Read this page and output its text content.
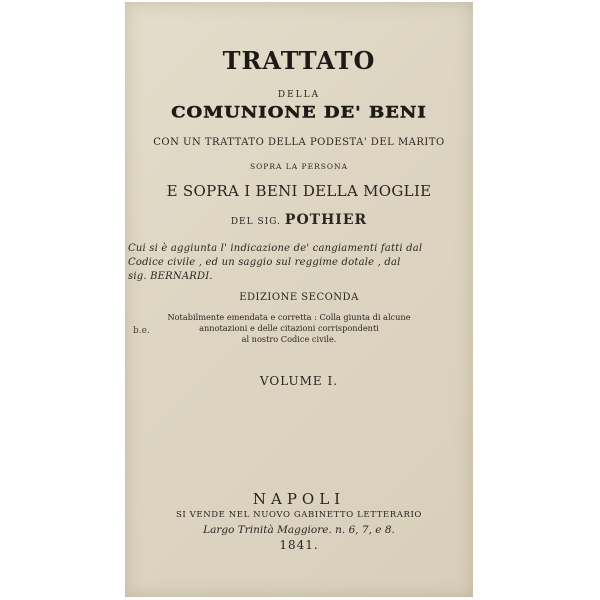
TRATTATO
DELLA
COMUNIONE DE' BENI
CON UN TRATTATO DELLA PODESTA' DEL MARITO
SOPRA LA PERSONA
E SOPRA I BENI DELLA MOGLIE
DEL SIG. POTHIER
Cui si è aggiunta l' indicazione de' cangiamenti fatti dal
Codice civile , ed un saggio sul reggime dotale , dal
sig. BERNARDI.
EDIZIONE SECONDA
VOLUME I.
NAPOLI
SI VENDE NEL NUOVO GABINETTO LETTERARIO
Largo Trinità Maggiore. n. 6, 7, e 8.
1841.
Notabilmente emendata e corretta : Colla giunta di alcune
annotazioni e delle citazioni corrispondenti
al nostro Codice civile.
b.e.
